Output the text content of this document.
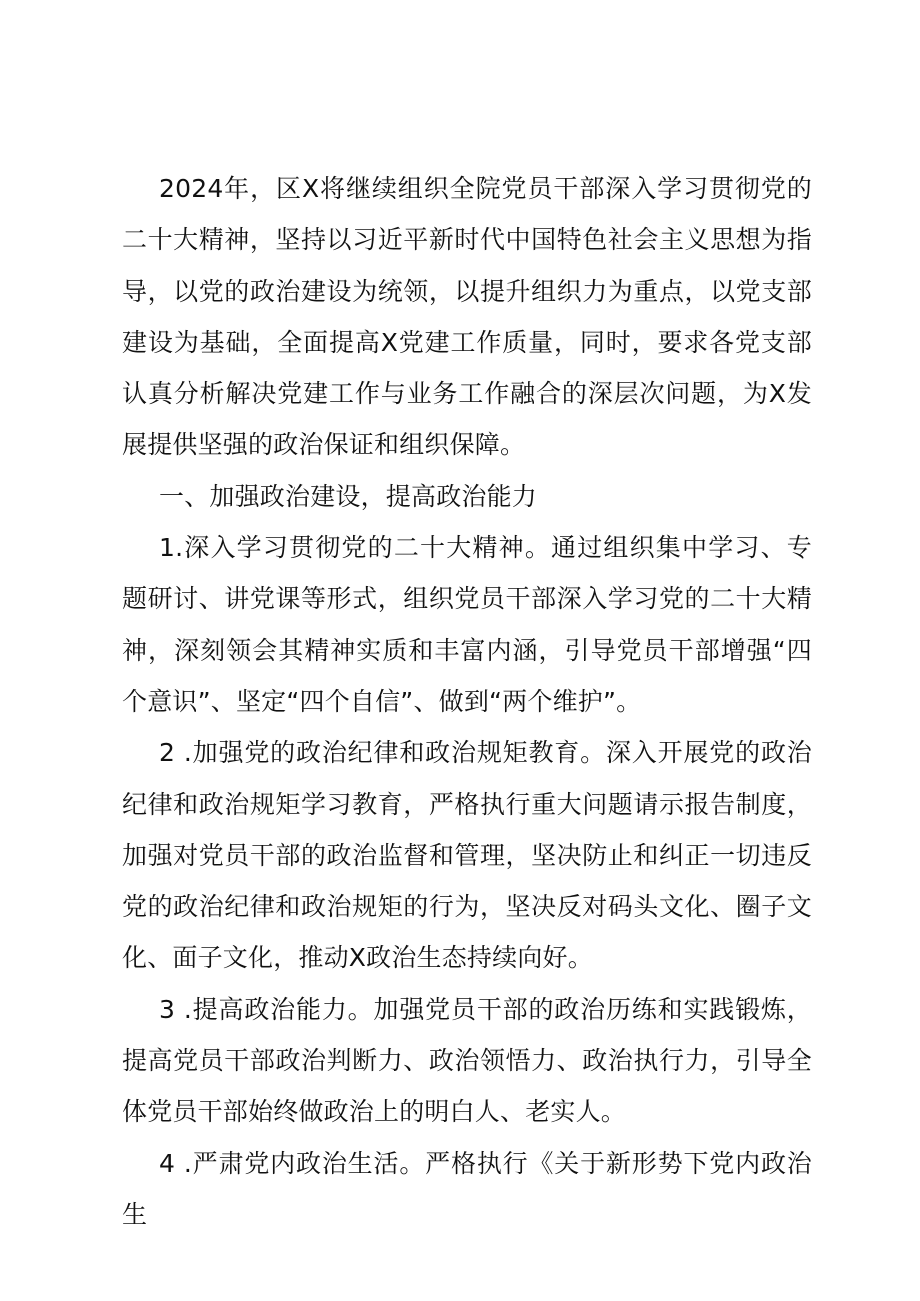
2024年，区X将继续组织全院党员干部深入学习贯彻党的二十大精神，坚持以习近平新时代中国特色社会主义思想为指导，以党的政治建设为统领，以提升组织力为重点，以党支部建设为基础，全面提高X党建工作质量，同时，要求各党支部认真分析解决党建工作与业务工作融合的深层次问题，为X发展提供坚强的政治保证和组织保障。

一、加强政治建设，提高政治能力

1.深入学习贯彻党的二十大精神。通过组织集中学习、专题研讨、讲党课等形式，组织党员干部深入学习党的二十大精神，深刻领会其精神实质和丰富内涵，引导党员干部增强“四个意识”、坚定“四个自信”、做到“两个维护”。

2 .加强党的政治纪律和政治规矩教育。深入开展党的政治纪律和政治规矩学习教育，严格执行重大问题请示报告制度，加强对党员干部的政治监督和管理，坚决防止和纠正一切违反党的政治纪律和政治规矩的行为，坚决反对码头文化、圈子文化、面子文化，推动X政治生态持续向好。

3 .提高政治能力。加强党员干部的政治历练和实践锻炼，提高党员干部政治判断力、政治领悟力、政治执行力，引导全体党员干部始终做政治上的明白人、老实人。

4 .严肃党内政治生活。严格执行《关于新形势下党内政治生
